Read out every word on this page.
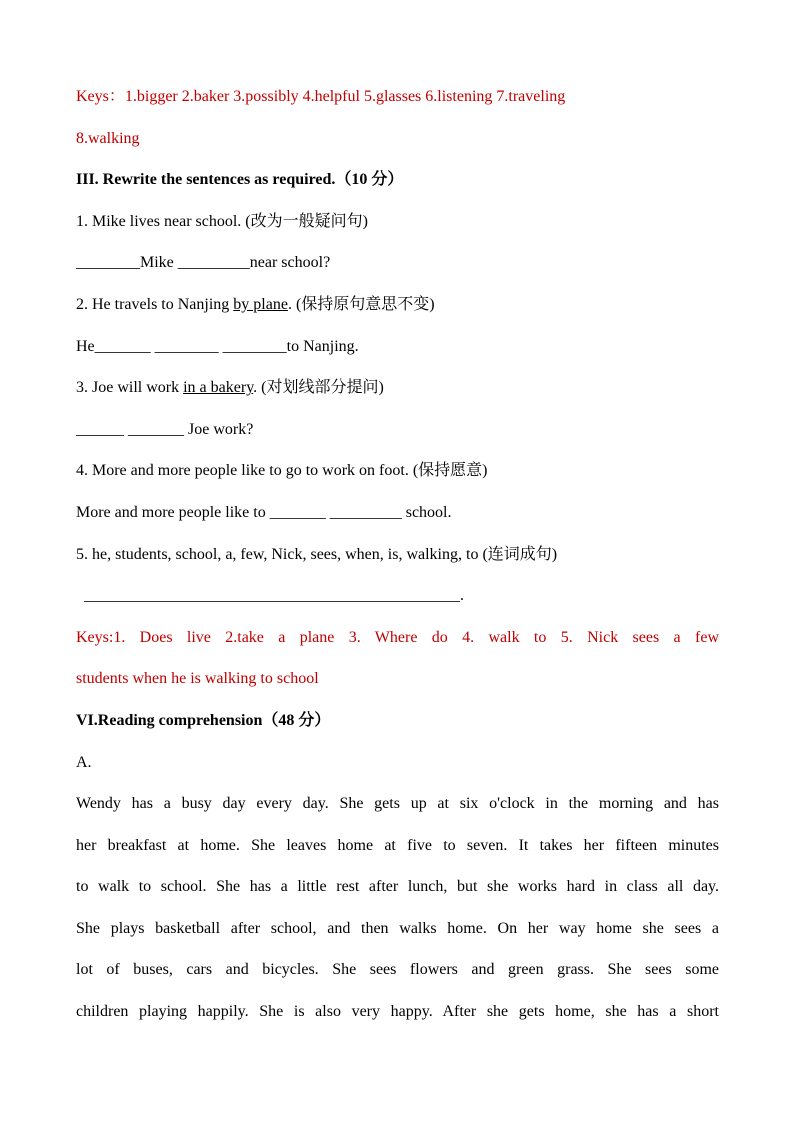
Keys：1.bigger 2.baker 3.possibly 4.helpful 5.glasses 6.listening 7.traveling
8.walking
III. Rewrite the sentences as required.（10 分）
1. Mike lives near school. (改为一般疑问句)
________Mike _________near school?
2. He travels to Nanjing by plane. (保持原句意思不变)
He_______ ________ ________to Nanjing.
3. Joe will work in a bakery. (对划线部分提问)
______ _______ Joe work?
4. More and more people like to go to work on foot. (保持愿意)
More and more people like to _______ _________ school.
5. he, students, school, a, few, Nick, sees, when, is, walking, to (连词成句)
_______________________________________________.
Keys:1. Does live 2.take a plane 3. Where do 4. walk to 5. Nick sees a few
students when he is walking to school
VI.Reading comprehension（48 分）
A.
Wendy has a busy day every day. She gets up at six o'clock in the morning and has
her breakfast at home. She leaves home at five to seven. It takes her fifteen minutes
to walk to school. She has a little rest after lunch, but she works hard in class all day.
She plays basketball after school, and then walks home. On her way home she sees a
lot of buses, cars and bicycles. She sees flowers and green grass. She sees some
children playing happily. She is also very happy. After she gets home, she has a short
